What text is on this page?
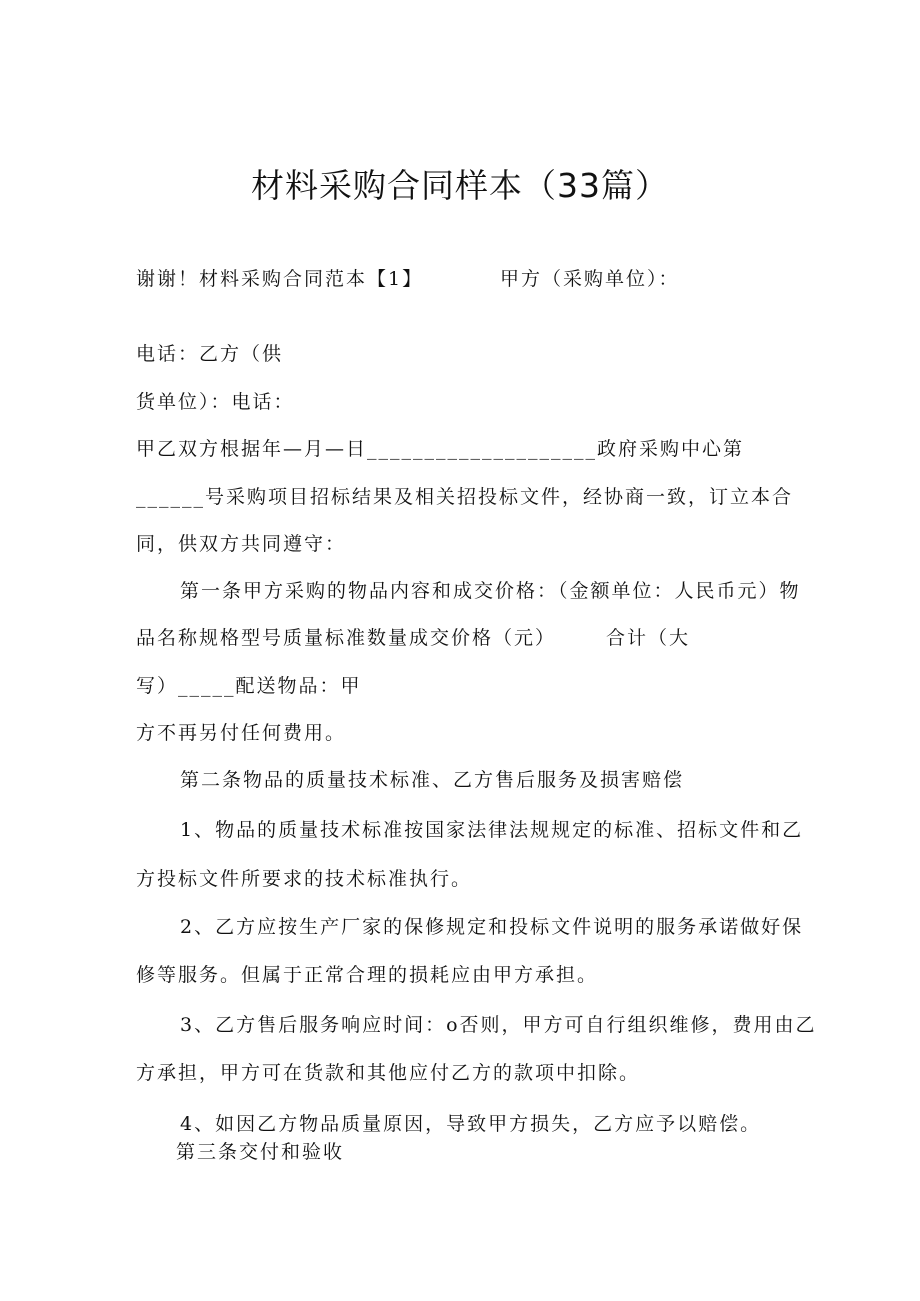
材料采购合同样本（33篇）
谢谢！材料采购合同范本【1】	甲方（采购单位）：
电话：乙方（供
货单位）：电话：
甲乙双方根据年—月—日____________________政府采购中心第
______号采购项目招标结果及相关招投标文件，经协商一致，订立本合
同，供双方共同遵守：
第一条甲方采购的物品内容和成交价格：（金额单位：人民币元）物
品名称规格型号质量标准数量成交价格（元）	合计（大
写）_____配送物品：甲
方不再另付任何费用。
第二条物品的质量技术标准、乙方售后服务及损害赔偿
1、物品的质量技术标准按国家法律法规规定的标准、招标文件和乙
方投标文件所要求的技术标准执行。
2、乙方应按生产厂家的保修规定和投标文件说明的服务承诺做好保
修等服务。但属于正常合理的损耗应由甲方承担。
3、乙方售后服务响应时间：o否则，甲方可自行组织维修，费用由乙
方承担，甲方可在货款和其他应付乙方的款项中扣除。
4、如因乙方物品质量原因，导致甲方损失，乙方应予以赔偿。
第三条交付和验收
